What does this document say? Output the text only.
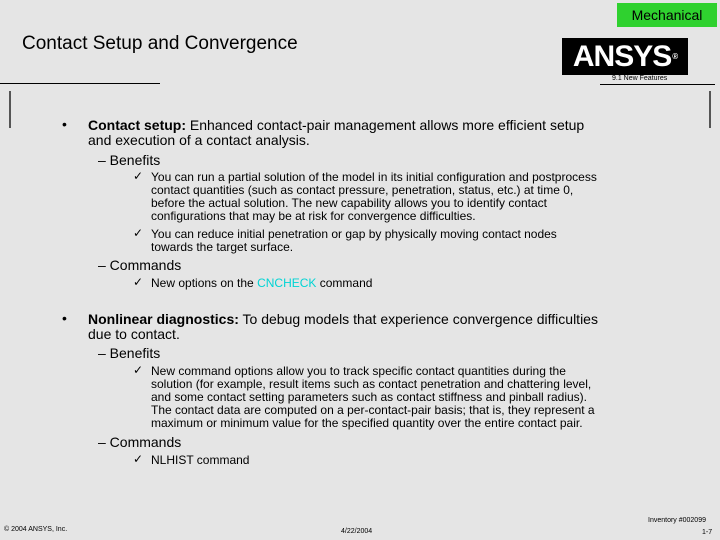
Mechanical
Contact Setup and Convergence	ANSYS®
9.1 New Features
• Contact setup: Enhanced contact-pair management allows more efficient setup
and execution of a contact analysis.
– Benefits
✓ You can run a partial solution of the model in its initial configuration and postprocess
contact quantities (such as contact pressure, penetration, status, etc.) at time 0,
before the actual solution. The new capability allows you to identify contact
configurations that may be at risk for convergence difficulties.
✓ You can reduce initial penetration or gap by physically moving contact nodes
towards the target surface.
– Commands
✓ New options on the CNCHECK command
• Nonlinear diagnostics: To debug models that experience convergence difficulties
due to contact.
– Benefits
✓ New command options allow you to track specific contact quantities during the
solution (for example, result items such as contact penetration and chattering level,
and some contact setting parameters such as contact stiffness and pinball radius).
The contact data are computed on a per-contact-pair basis; that is, they represent a
maximum or minimum value for the specified quantity over the entire contact pair.
– Commands
✓ NLHIST command
© 2004 ANSYS, Inc.	4/22/2004
Inventory #002099
1-7
